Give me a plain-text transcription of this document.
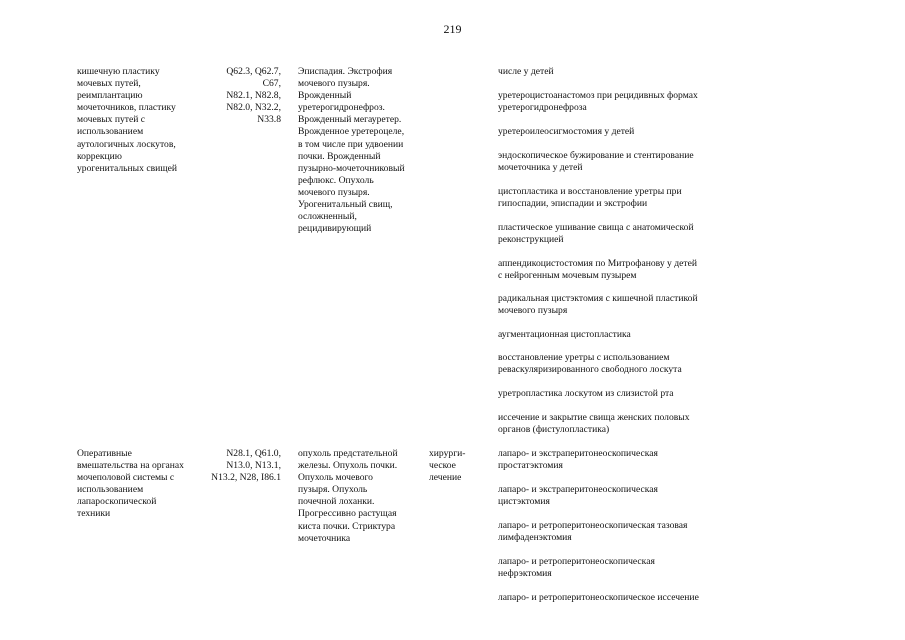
219
кишечную пластику
мочевых путей,
реимплантацию
мочеточников, пластику
мочевых путей с
использованием
аутологичных лоскутов,
коррекцию
урогенитальных свищей
Q62.3, Q62.7, C67,
N82.1, N82.8,
N82.0, N32.2,
N33.8
Эписпадия. Экстрофия
мочевого пузыря.
Врожденный
уретерогидронефроз.
Врожденный мегауретер.
Врожденное уретероцеле,
в том числе при удвоении
почки. Врожденный
пузырно-мочеточниковый
рефлюкс. Опухоль
мочевого пузыря.
Урогенитальный свищ,
осложненный,
рецидивирующий
числе у детей
уретероцистоанастомоз при рецидивных формах
уретерогидронефроза
уретероилеосигмостомия у детей
эндоскопическое бужирование и стентирование
мочеточника у детей
цистопластика и восстановление уретры при
гипоспадии, эписпадии и экстрофии
пластическое ушивание свища с анатомической
реконструкцией
аппендикоцистостомия по Митрофанову у детей
с нейрогенным мочевым пузырем
радикальная цистэктомия с кишечной пластикой
мочевого пузыря
аугментационная цистопластика
восстановление уретры с использованием
реваскуляризированного свободного лоскута
уретропластика лоскутом из слизистой рта
иссечение и закрытие свища женских половых
органов (фистулопластика)
Оперативные
вмешательства на органах
мочеполовой системы с
использованием
лапароскопической
техники
N28.1, Q61.0,
N13.0, N13.1,
N13.2, N28, I86.1
опухоль предстательной
железы. Опухоль почки.
Опухоль мочевого
пузыря. Опухоль
почечной лоханки.
Прогрессивно растущая
киста почки. Стриктура
мочеточника
хирурги-
ческое
лечение
лапаро- и экстраперитонеоскопическая
простатэктомия
лапаро- и экстраперитонеоскопическая
цистэктомия
лапаро- и ретроперитонеоскопическая тазовая
лимфаденэктомия
лапаро- и ретроперитонеоскопическая
нефрэктомия
лапаро- и ретроперитонеоскопическое иссечение
